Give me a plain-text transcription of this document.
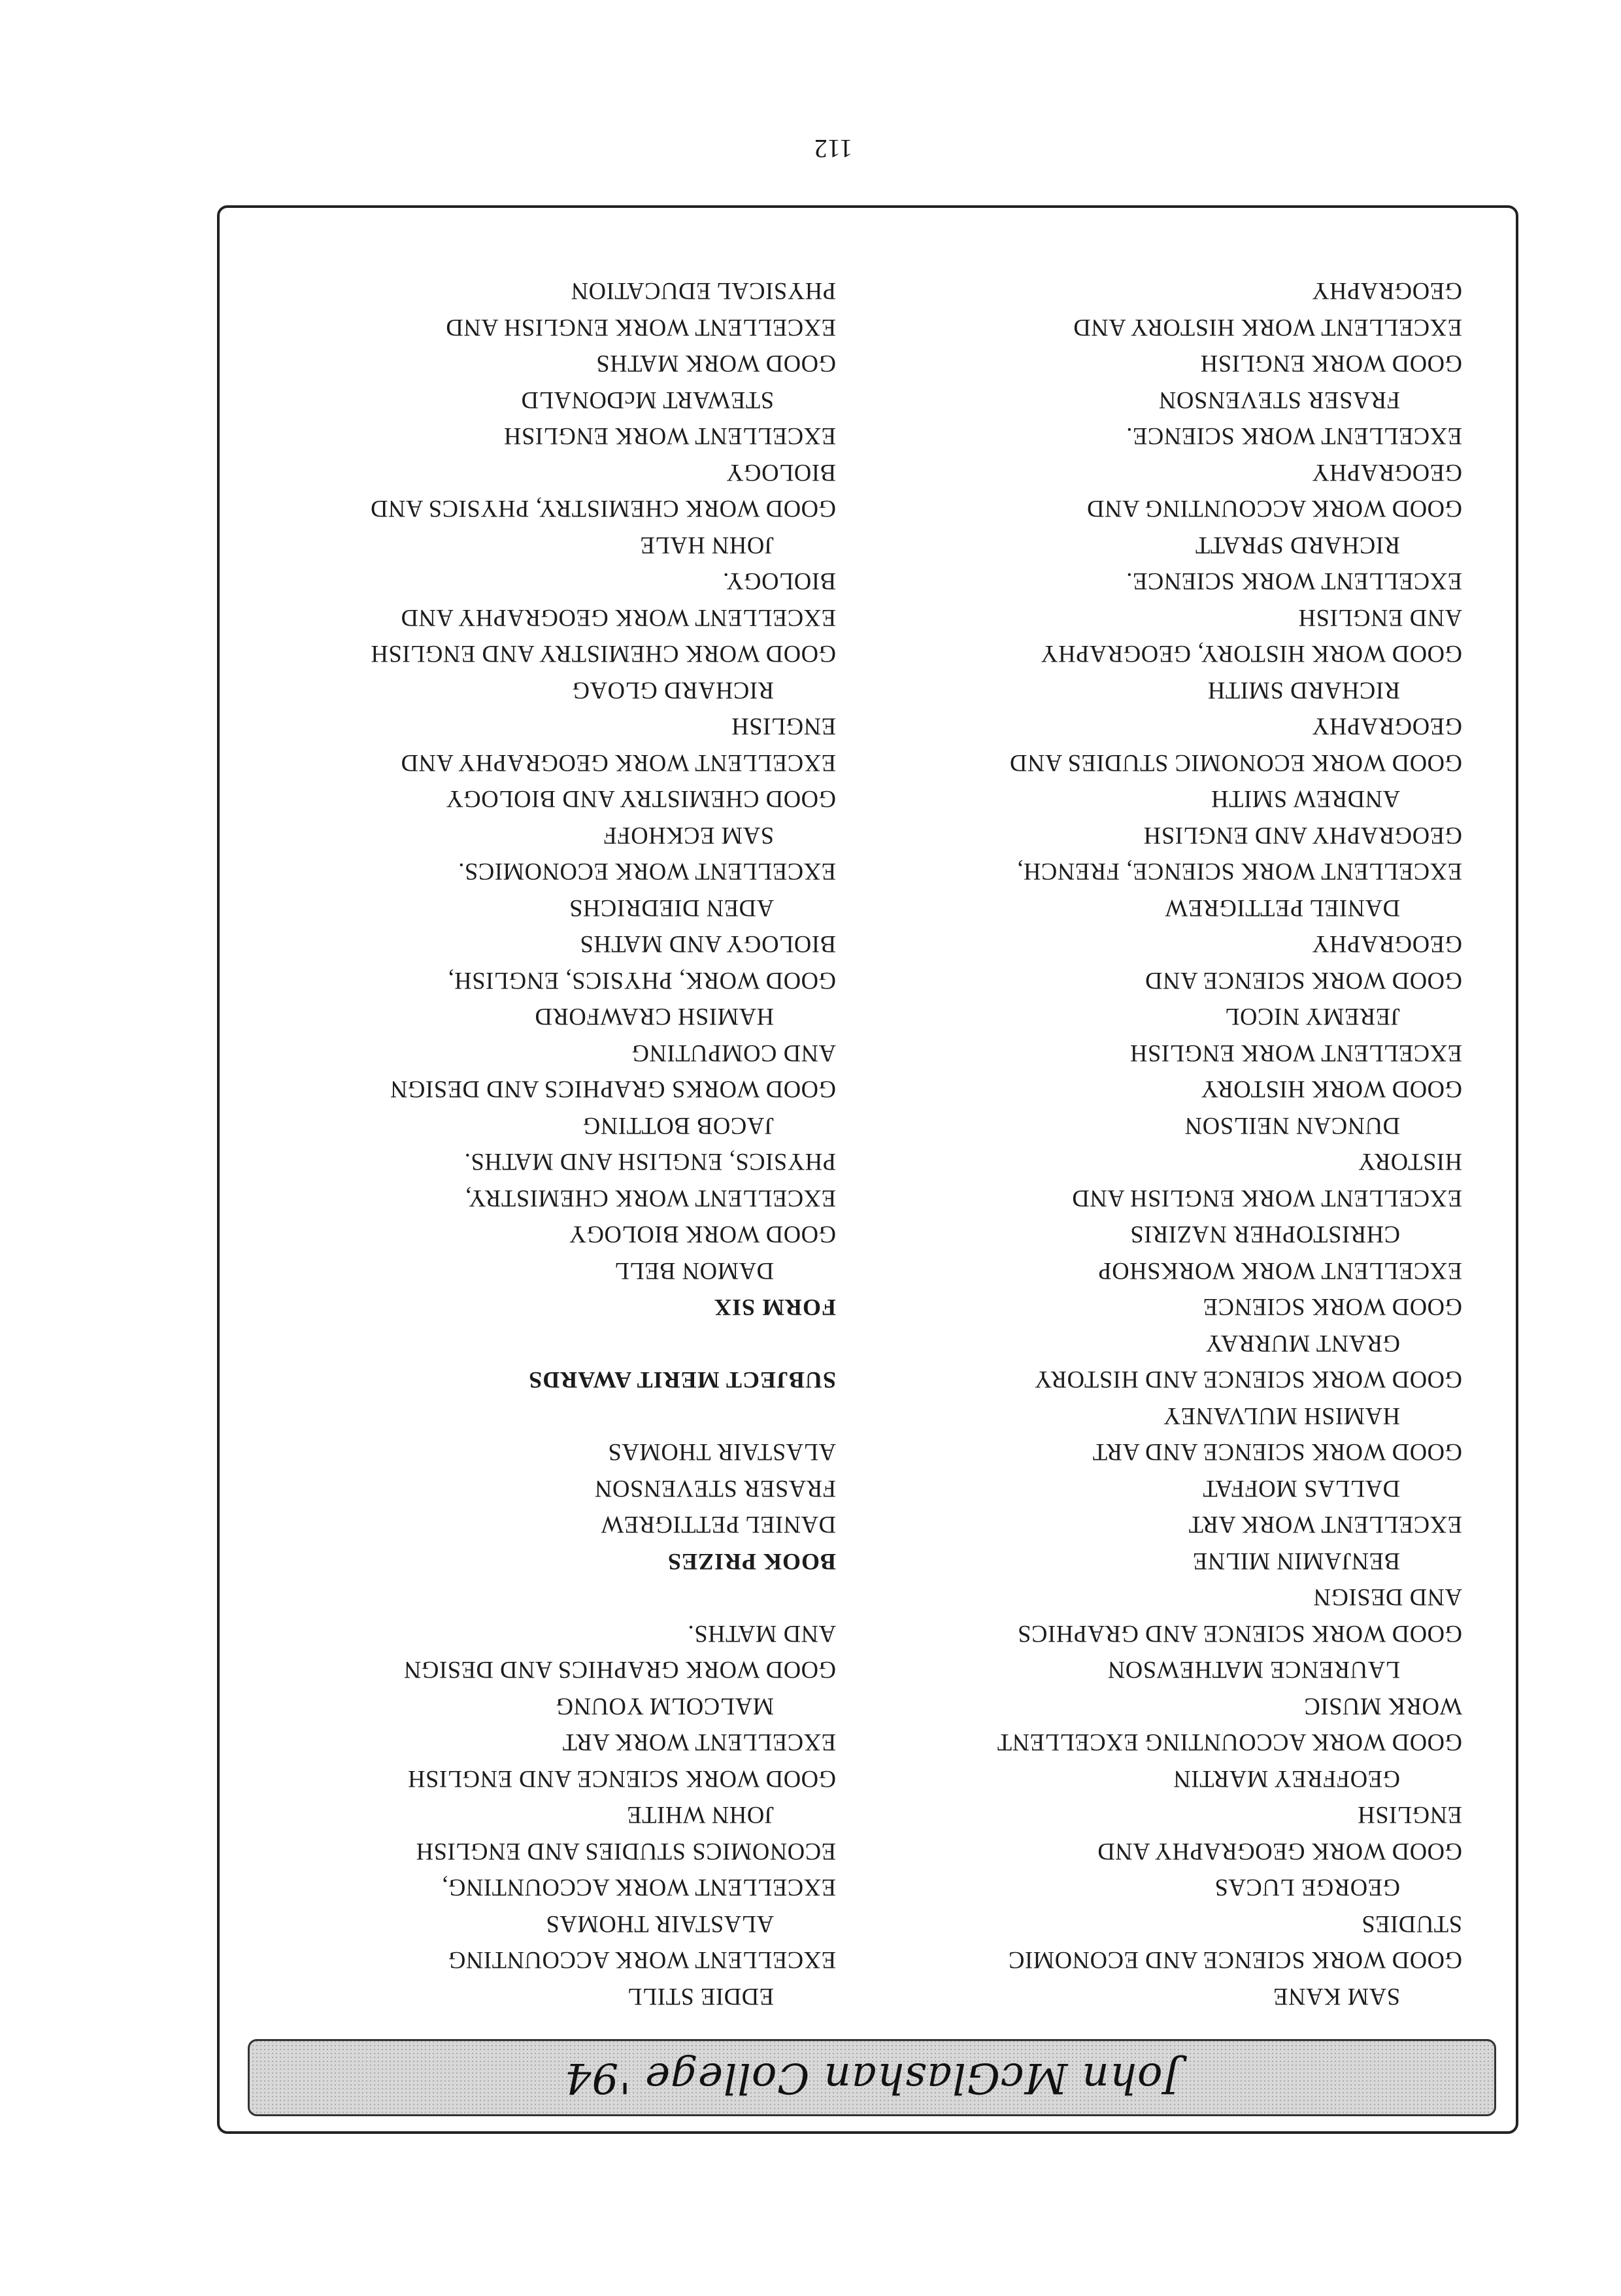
112
John McGlashan College '94
SAM KANE
GOOD WORK SCIENCE AND ECONOMIC
STUDIES
GEORGE LUCAS
GOOD WORK GEOGRAPHY AND
ENGLISH
GEOFFREY MARTIN
GOOD WORK ACCOUNTING EXCELLENT
WORK MUSIC
LAURENCE MATHEWSON
GOOD WORK SCIENCE AND GRAPHICS
AND DESIGN
BENJAMIN MILNE
EXCELLENT WORK ART
DALLAS MOFFAT
GOOD WORK SCIENCE AND ART
HAMISH MULVANEY
GOOD WORK SCIENCE AND HISTORY
GRANT MURRAY
GOOD WORK SCIENCE
EXCELLENT WORK WORKSHOP
CHRISTOPHER NAZIRIS
EXCELLENT WORK ENGLISH AND
HISTORY
DUNCAN NEILSON
GOOD WORK HISTORY
EXCELLENT WORK ENGLISH
JEREMY NICOL
GOOD WORK SCIENCE AND
GEOGRAPHY
DANIEL PETTIGREW
EXCELLENT WORK SCIENCE, FRENCH,
GEOGRAPHY AND ENGLISH
ANDREW SMITH
GOOD WORK ECONOMIC STUDIES AND
GEOGRAPHY
RICHARD SMITH
GOOD WORK HISTORY, GEOGRAPHY
AND ENGLISH
EXCELLENT WORK SCIENCE.
RICHARD SPRATT
GOOD WORK ACCOUNTING AND
GEOGRAPHY
EXCELLENT WORK SCIENCE.
FRASER STEVENSON
GOOD WORK ENGLISH
EXCELLENT WORK HISTORY AND
GEOGRAPHY
EDDIE STILL
EXCELLENT WORK ACCOUNTING
ALASTAIR THOMAS
EXCELLENT WORK ACCOUNTING,
ECONOMICS STUDIES AND ENGLISH
JOHN WHITE
GOOD WORK SCIENCE AND ENGLISH
EXCELLENT WORK ART
MALCOLM YOUNG
GOOD WORK GRAPHICS AND DESIGN
AND MATHS.
BOOK PRIZES
DANIEL PETTIGREW
FRASER STEVENSON
ALASTAIR THOMAS
SUBJECT MERIT AWARDS
FORM SIX
DAMON BELL
GOOD WORK BIOLOGY
EXCELLENT WORK CHEMISTRY,
PHYSICS, ENGLISH AND MATHS.
JACOB BOTTING
GOOD WORKS GRAPHICS AND DESIGN
AND COMPUTING
HAMISH CRAWFORD
GOOD WORK, PHYSICS, ENGLISH,
BIOLOGY AND MATHS
ADEN DIEDRICHS
EXCELLENT WORK ECONOMICS.
SAM ECKHOFF
GOOD CHEMISTRY AND BIOLOGY
EXCELLENT WORK GEOGRAPHY AND
ENGLISH
RICHARD GLOAG
GOOD WORK CHEMISTRY AND ENGLISH
EXCELLENT WORK GEOGRAPHY AND
BIOLOGY.
JOHN HALE
GOOD WORK CHEMISTRY, PHYSICS AND
BIOLOGY
EXCELLENT WORK ENGLISH
STEWART McDONALD
GOOD WORK MATHS
EXCELLENT WORK ENGLISH AND
PHYSICAL EDUCATION
